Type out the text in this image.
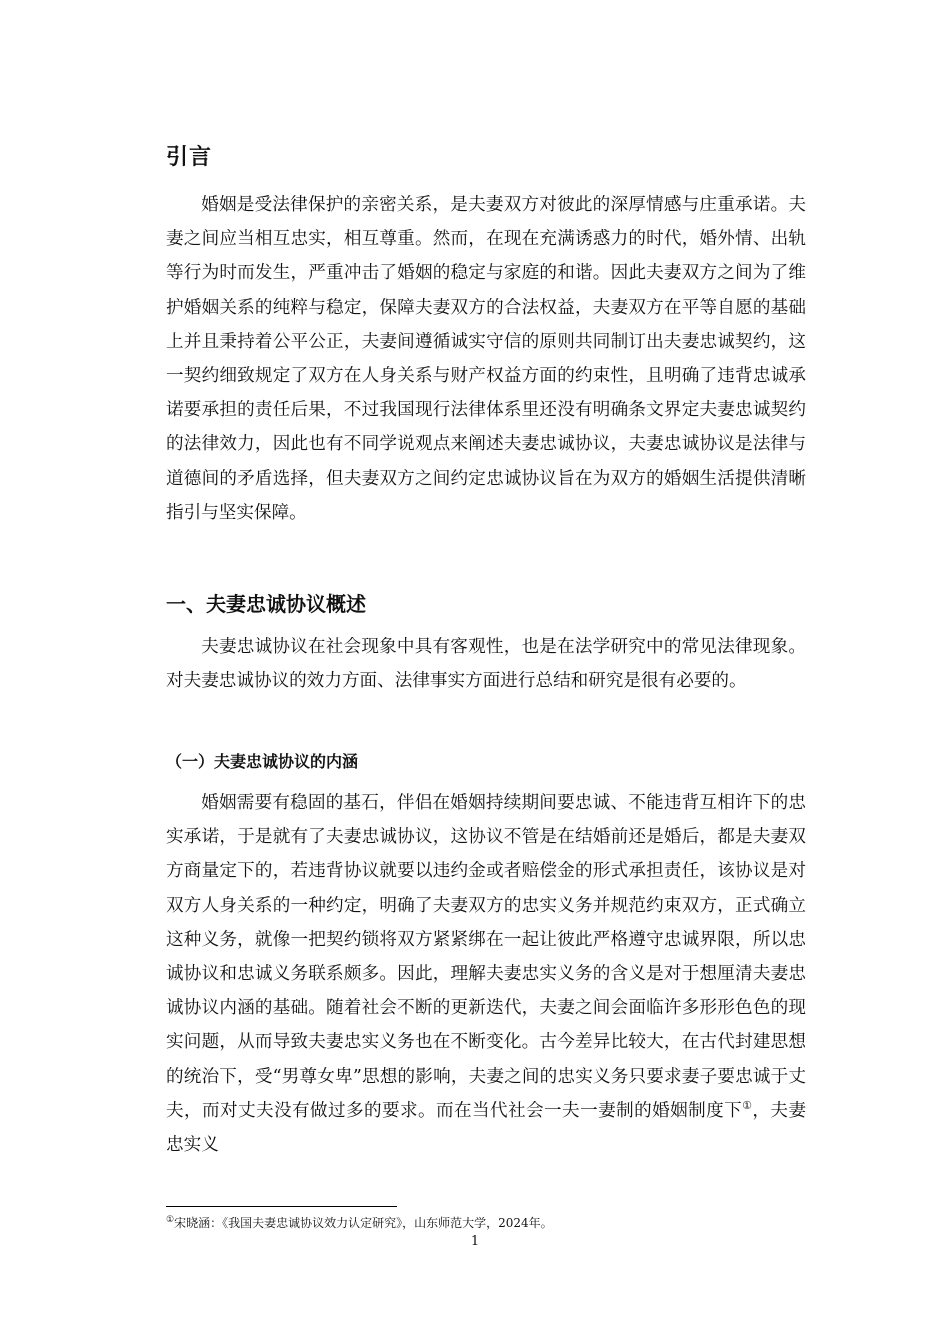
引言

婚姻是受法律保护的亲密关系，是夫妻双方对彼此的深厚情感与庄重承诺。夫妻之间应当相互忠实，相互尊重。然而，在现在充满诱惑力的时代，婚外情、出轨等行为时而发生，严重冲击了婚姻的稳定与家庭的和谐。因此夫妻双方之间为了维护婚姻关系的纯粹与稳定，保障夫妻双方的合法权益，夫妻双方在平等自愿的基础上并且秉持着公平公正，夫妻间遵循诚实守信的原则共同制订出夫妻忠诚契约，这一契约细致规定了双方在人身关系与财产权益方面的约束性，且明确了违背忠诚承诺要承担的责任后果，不过我国现行法律体系里还没有明确条文界定夫妻忠诚契约的法律效力，因此也有不同学说观点来阐述夫妻忠诚协议，夫妻忠诚协议是法律与道德间的矛盾选择，但夫妻双方之间约定忠诚协议旨在为双方的婚姻生活提供清晰指引与坚实保障。

一、夫妻忠诚协议概述

夫妻忠诚协议在社会现象中具有客观性，也是在法学研究中的常见法律现象。对夫妻忠诚协议的效力方面、法律事实方面进行总结和研究是很有必要的。

（一）夫妻忠诚协议的内涵

婚姻需要有稳固的基石，伴侣在婚姻持续期间要忠诚、不能违背互相许下的忠实承诺，于是就有了夫妻忠诚协议，这协议不管是在结婚前还是婚后，都是夫妻双方商量定下的，若违背协议就要以违约金或者赔偿金的形式承担责任，该协议是对双方人身关系的一种约定，明确了夫妻双方的忠实义务并规范约束双方，正式确立这种义务，就像一把契约锁将双方紧紧绑在一起让彼此严格遵守忠诚界限，所以忠诚协议和忠诚义务联系颇多。因此，理解夫妻忠实义务的含义是对于想厘清夫妻忠诚协议内涵的基础。随着社会不断的更新迭代，夫妻之间会面临许多形形色色的现实问题，从而导致夫妻忠实义务也在不断变化。古今差异比较大，在古代封建思想的统治下，受“男尊女卑”思想的影响，夫妻之间的忠实义务只要求妻子要忠诚于丈夫，而对丈夫没有做过多的要求。而在当代社会一夫一妻制的婚姻制度下①，夫妻忠实义

①宋晓涵：《我国夫妻忠诚协议效力认定研究》，山东师范大学，2024年。
1
